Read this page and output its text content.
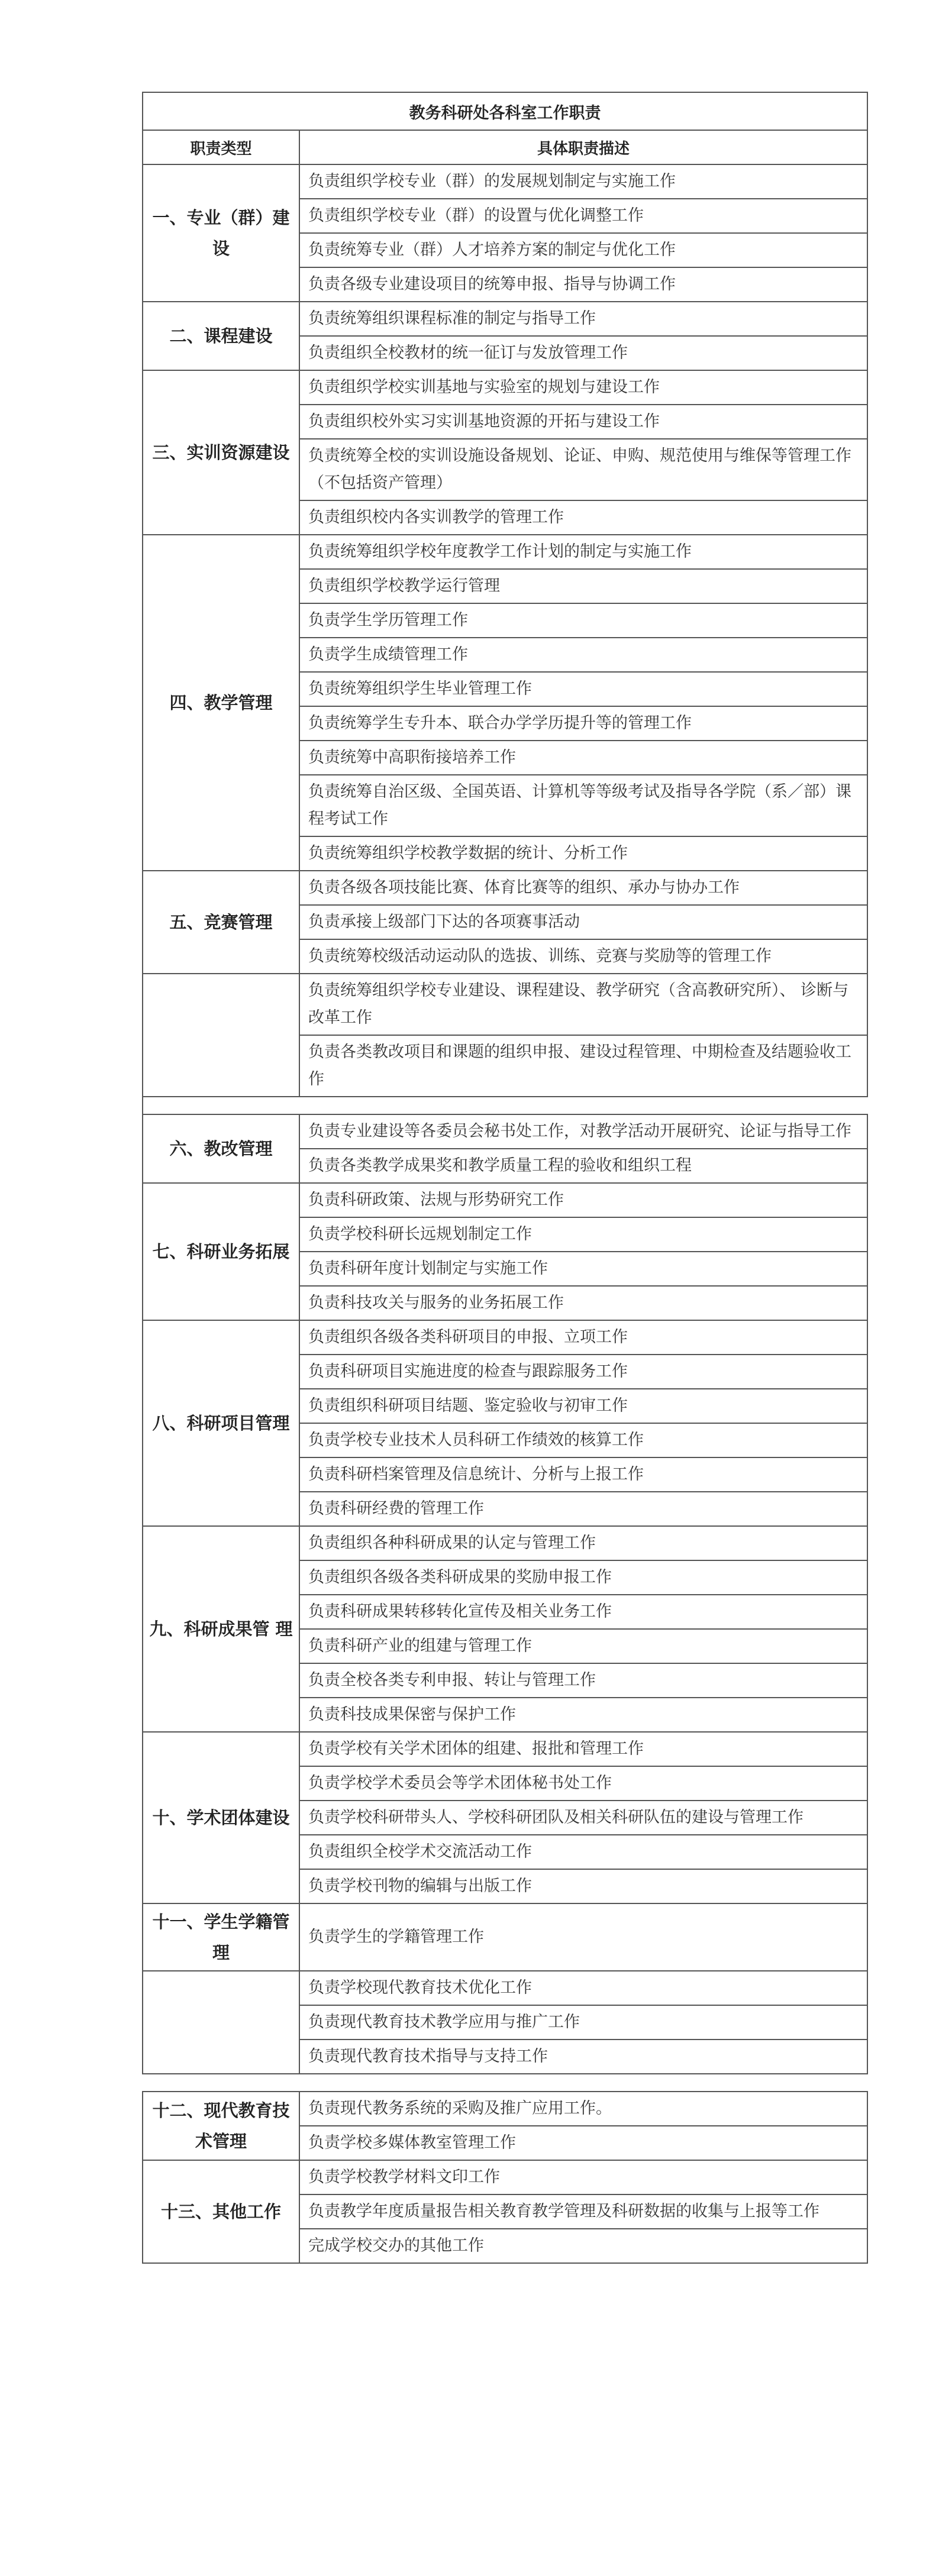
教务科研处各科室工作职责	
职责类型	具体职责描述
一、专业（群）建设	负责组织学校专业（群）的发展规划制定与实施工作
	负责组织学校专业（群）的设置与优化调整工作
	负责统筹专业（群）人才培养方案的制定与优化工作
	负责各级专业建设项目的统筹申报、指导与协调工作
二、课程建设	负责统筹组织课程标准的制定与指导工作
	负责组织全校教材的统一征订与发放管理工作
三、实训资源建设	负责组织学校实训基地与实验室的规划与建设工作
	负责组织校外实习实训基地资源的开拓与建设工作
	负责统筹全校的实训设施设备规划、论证、申购、规范使用与维保等管理工作（不包括资产管理）
	负责组织校内各实训教学的管理工作
四、教学管理	负责统筹组织学校年度教学工作计划的制定与实施工作
	负责组织学校教学运行管理
	负责学生学历管理工作
	负责学生成绩管理工作
	负责统筹组织学生毕业管理工作
	负责统筹学生专升本、联合办学学历提升等的管理工作
	负责统筹中高职衔接培养工作
	负责统筹自治区级、全国英语、计算机等等级考试及指导各学院（系／部）课程考试工作
	负责统筹组织学校教学数据的统计、分析工作
五、竞赛管理	负责各级各项技能比赛、体育比赛等的组织、承办与协办工作
	负责承接上级部门下达的各项赛事活动
	负责统筹校级活动运动队的选拔、训练、竞赛与奖励等的管理工作
	负责统筹组织学校专业建设、课程建设、教学研究（含高教研究所）、 诊断与改革工作
	负责各类教改项目和课题的组织申报、建设过程管理、中期检查及结题验收工作

六、教改管理	负责专业建设等各委员会秘书处工作，对教学活动开展研究、论证与指导工作
	负责各类教学成果奖和教学质量工程的验收和组织工程
七、科研业务拓展	负责科研政策、法规与形势研究工作
	负责学校科研长远规划制定工作
	负责科研年度计划制定与实施工作
	负责科技攻关与服务的业务拓展工作
八、科研项目管理	负责组织各级各类科研项目的申报、立项工作
	负责科研项目实施进度的检查与跟踪服务工作
	负责组织科研项目结题、鉴定验收与初审工作
	负责学校专业技术人员科研工作绩效的核算工作
	负责科研档案管理及信息统计、分析与上报工作
	负责科研经费的管理工作
九、科研成果管 理	负责组织各种科研成果的认定与管理工作
	负责组织各级各类科研成果的奖励申报工作
	负责科研成果转移转化宣传及相关业务工作
	负责科研产业的组建与管理工作
	负责全校各类专利申报、转让与管理工作
	负责科技成果保密与保护工作
十、学术团体建设	负责学校有关学术团体的组建、报批和管理工作
	负责学校学术委员会等学术团体秘书处工作
	负责学校科研带头人、学校科研团队及相关科研队伍的建设与管理工作
	负责组织全校学术交流活动工作
	负责学校刊物的编辑与出版工作
十一、学生学籍管理	负责学生的学籍管理工作
	负责学校现代教育技术优化工作
	负责现代教育技术教学应用与推广工作
	负责现代教育技术指导与支持工作

十二、现代教育技术管理	负责现代教务系统的采购及推广应用工作。
	负责学校多媒体教室管理工作
十三、其他工作	负责学校教学材料文印工作
	负责教学年度质量报告相关教育教学管理及科研数据的收集与上报等工作
	完成学校交办的其他工作
